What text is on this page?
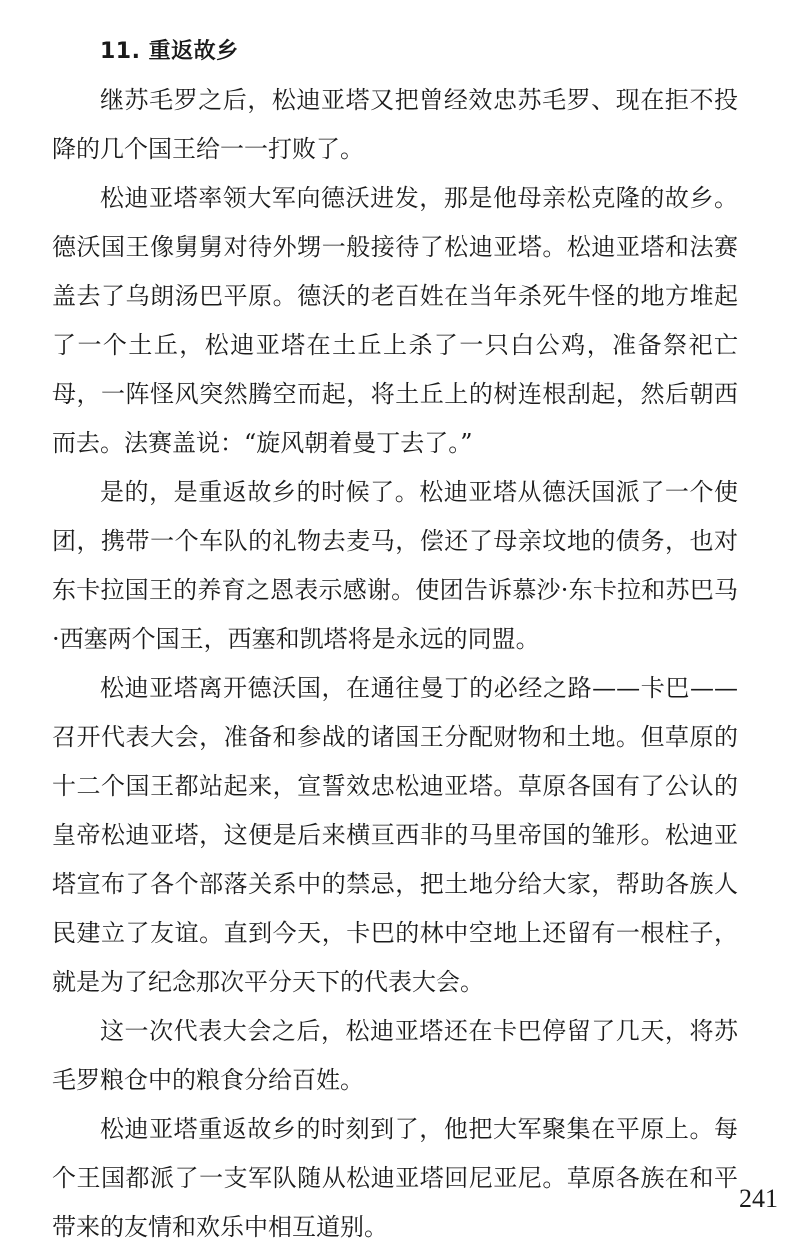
11. 重返故乡

继苏毛罗之后，松迪亚塔又把曾经效忠苏毛罗、现在拒不投降的几个国王给一一打败了。

松迪亚塔率领大军向德沃进发，那是他母亲松克隆的故乡。德沃国王像舅舅对待外甥一般接待了松迪亚塔。松迪亚塔和法赛盖去了乌朗汤巴平原。德沃的老百姓在当年杀死牛怪的地方堆起了一个土丘，松迪亚塔在土丘上杀了一只白公鸡，准备祭祀亡母，一阵怪风突然腾空而起，将土丘上的树连根刮起，然后朝西而去。法赛盖说：“旋风朝着曼丁去了。”

是的，是重返故乡的时候了。松迪亚塔从德沃国派了一个使团，携带一个车队的礼物去麦马，偿还了母亲坟地的债务，也对东卡拉国王的养育之恩表示感谢。使团告诉慕沙·东卡拉和苏巴马·西塞两个国王，西塞和凯塔将是永远的同盟。

松迪亚塔离开德沃国，在通往曼丁的必经之路——卡巴——召开代表大会，准备和参战的诸国王分配财物和土地。但草原的十二个国王都站起来，宣誓效忠松迪亚塔。草原各国有了公认的皇帝松迪亚塔，这便是后来横亘西非的马里帝国的雏形。松迪亚塔宣布了各个部落关系中的禁忌，把土地分给大家，帮助各族人民建立了友谊。直到今天，卡巴的林中空地上还留有一根柱子，就是为了纪念那次平分天下的代表大会。

这一次代表大会之后，松迪亚塔还在卡巴停留了几天，将苏毛罗粮仓中的粮食分给百姓。

松迪亚塔重返故乡的时刻到了，他把大军聚集在平原上。每个王国都派了一支军队随从松迪亚塔回尼亚尼。草原各族在和平带来的友情和欢乐中相互道别。

241
